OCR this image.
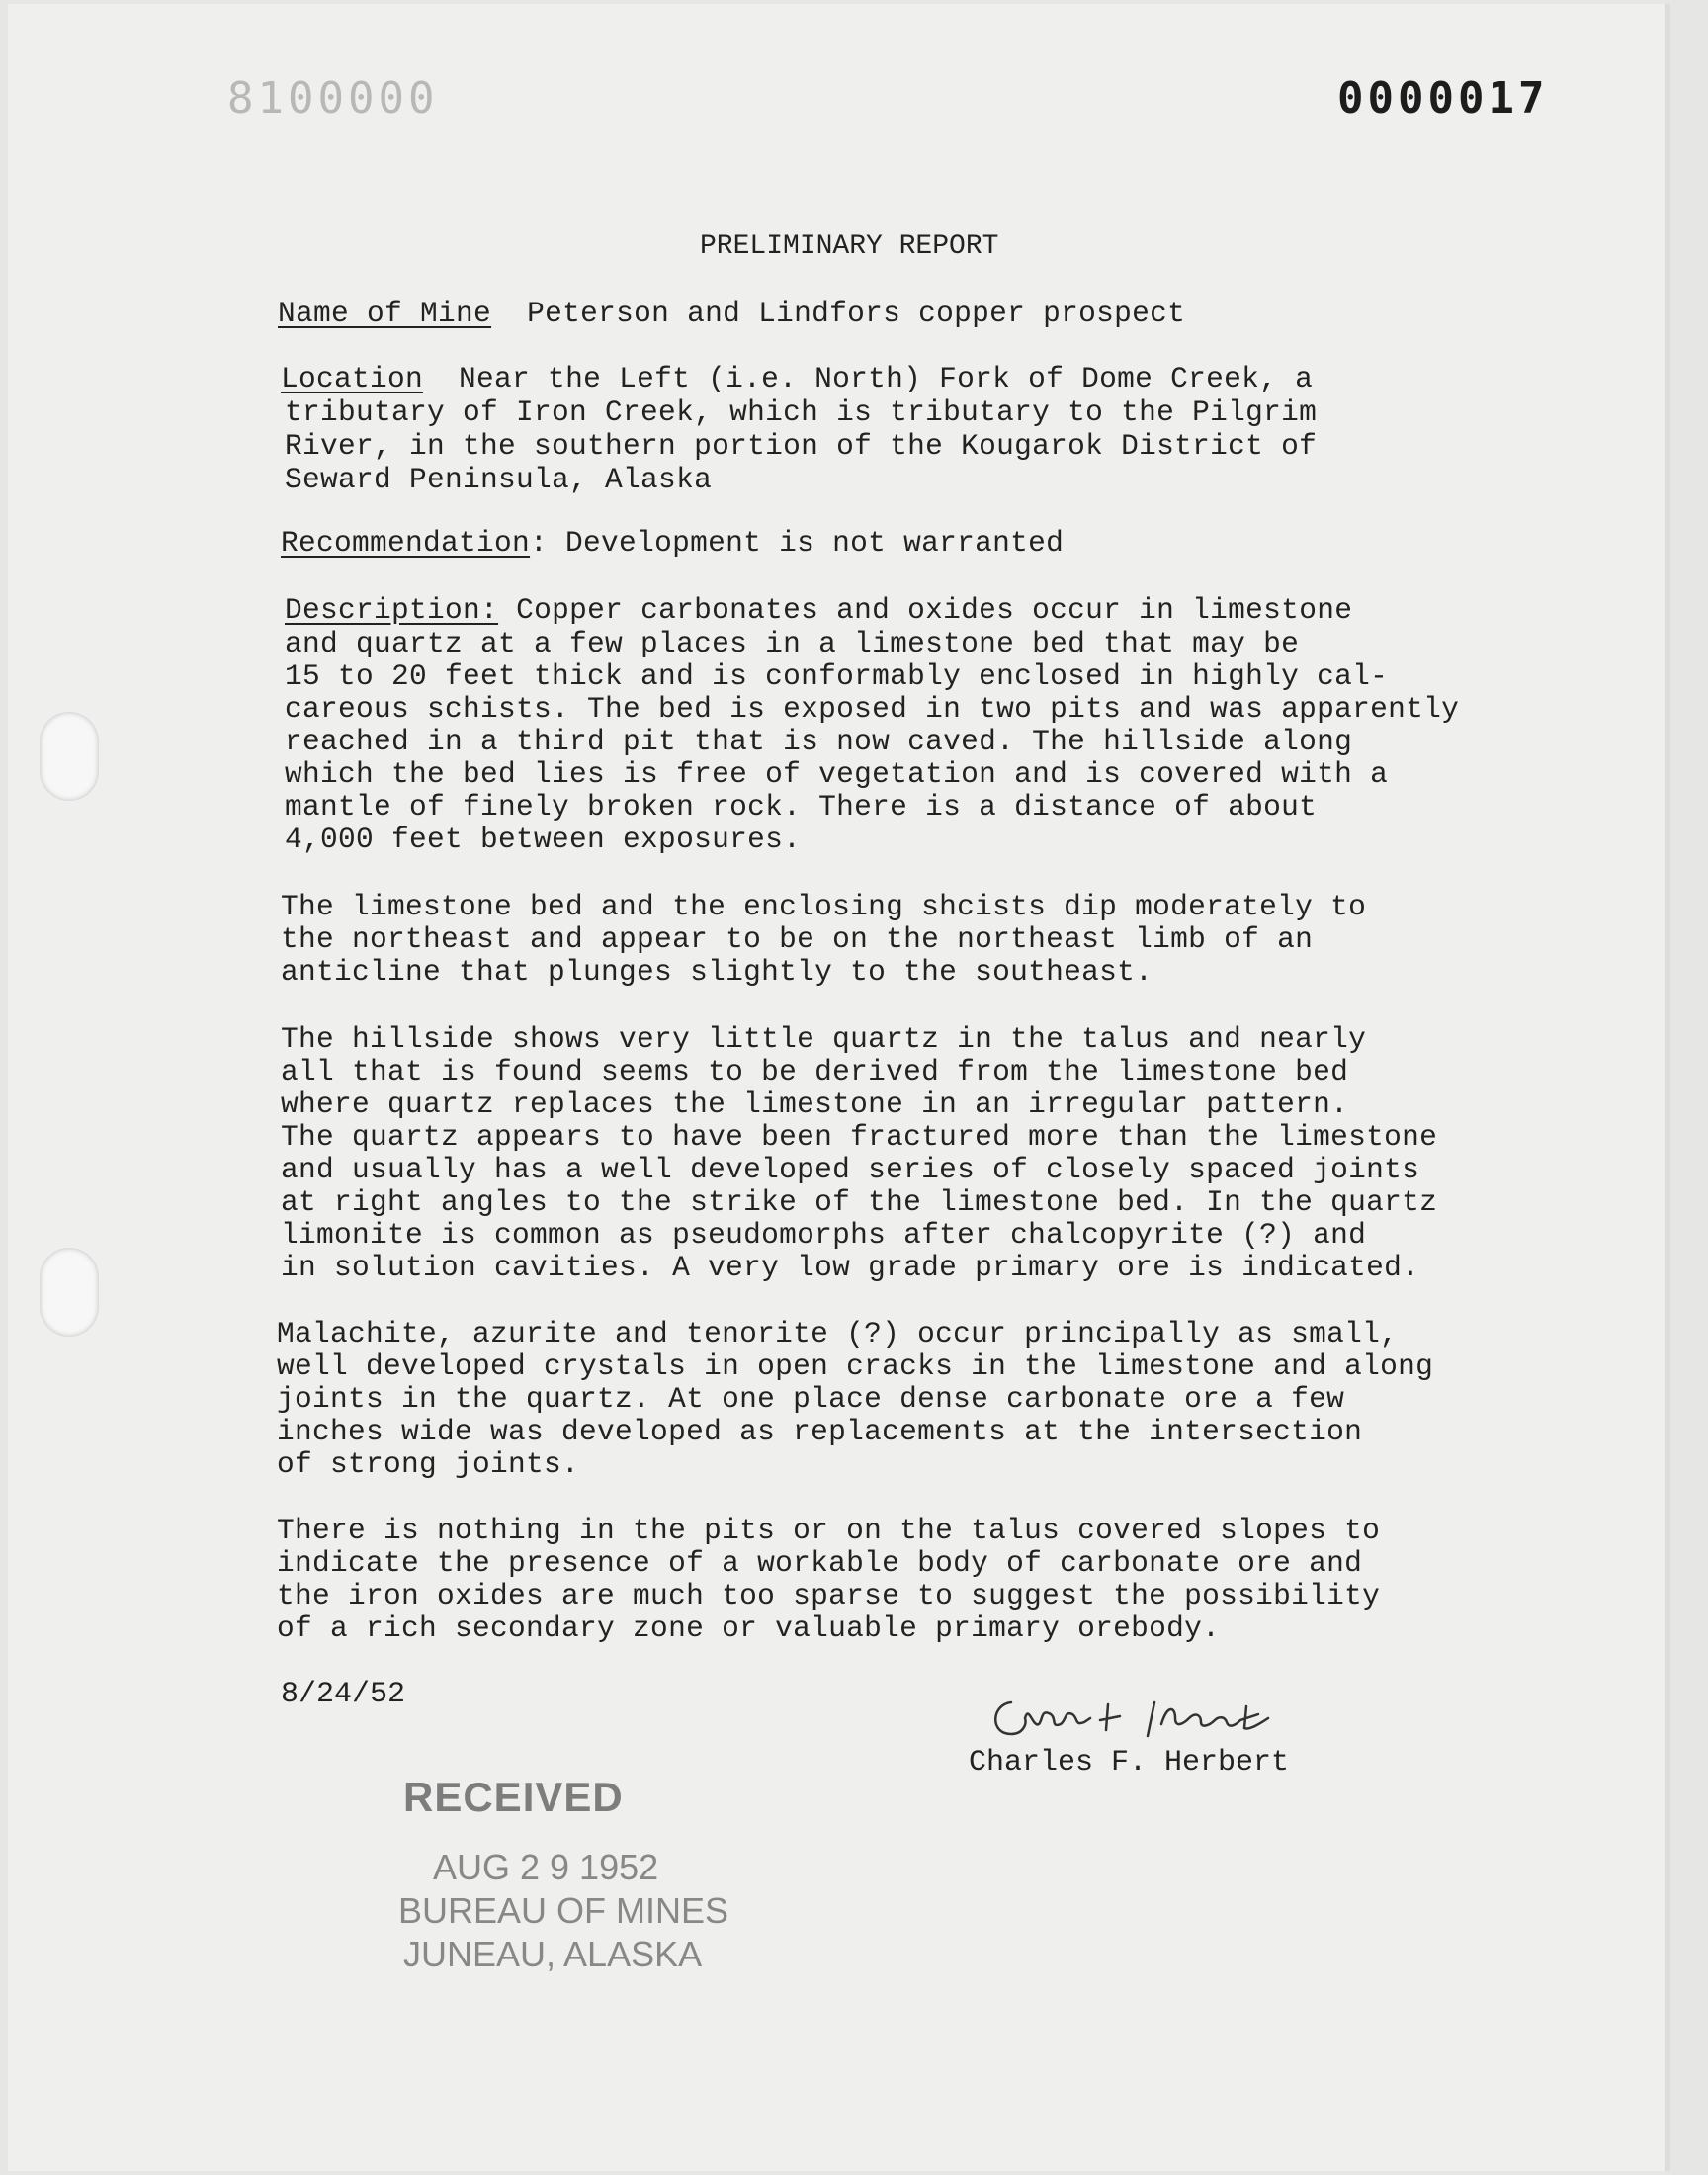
8100000	0000017
PRELIMINARY REPORT
Name of Mine Peterson and Lindfors copper prospect
Location Near the Left (i.e. North) Fork of Dome Creek, a
tributary of Iron Creek, which is tributary to the Pilgrim
River, in the southern portion of the Kougarok District of
Seward Peninsula, Alaska
Recommendation: Development is not warranted
Description: Copper carbonates and oxides occur in limestone
and quartz at a few places in a limestone bed that may be
15 to 20 feet thick and is conformably enclosed in highly cal-
careous schists. The bed is exposed in two pits and was apparently
reached in a third pit that is now caved. The hillside along
which the bed lies is free of vegetation and is covered with a
mantle of finely broken rock. There is a distance of about
4,000 feet between exposures.
The limestone bed and the enclosing shcists dip moderately to
the northeast and appear to be on the northeast limb of an
anticline that plunges slightly to the southeast.
The hillside shows very little quartz in the talus and nearly
all that is found seems to be derived from the limestone bed
where quartz replaces the limestone in an irregular pattern.
The quartz appears to have been fractured more than the limestone
and usually has a well developed series of closely spaced joints
at right angles to the strike of the limestone bed. In the quartz
limonite is common as pseudomorphs after chalcopyrite (?) and
in solution cavities. A very low grade primary ore is indicated.
Malachite, azurite and tenorite (?) occur principally as small,
well developed crystals in open cracks in the limestone and along
joints in the quartz. At one place dense carbonate ore a few
inches wide was developed as replacements at the intersection
of strong joints.
There is nothing in the pits or on the talus covered slopes to
indicate the presence of a workable body of carbonate ore and
the iron oxides are much too sparse to suggest the possibility
of a rich secondary zone or valuable primary orebody.
8/24/52
Charles F. Herbert
RECEIVED
AUG 2 9 1952
BUREAU OF MINES
JUNEAU, ALASKA
